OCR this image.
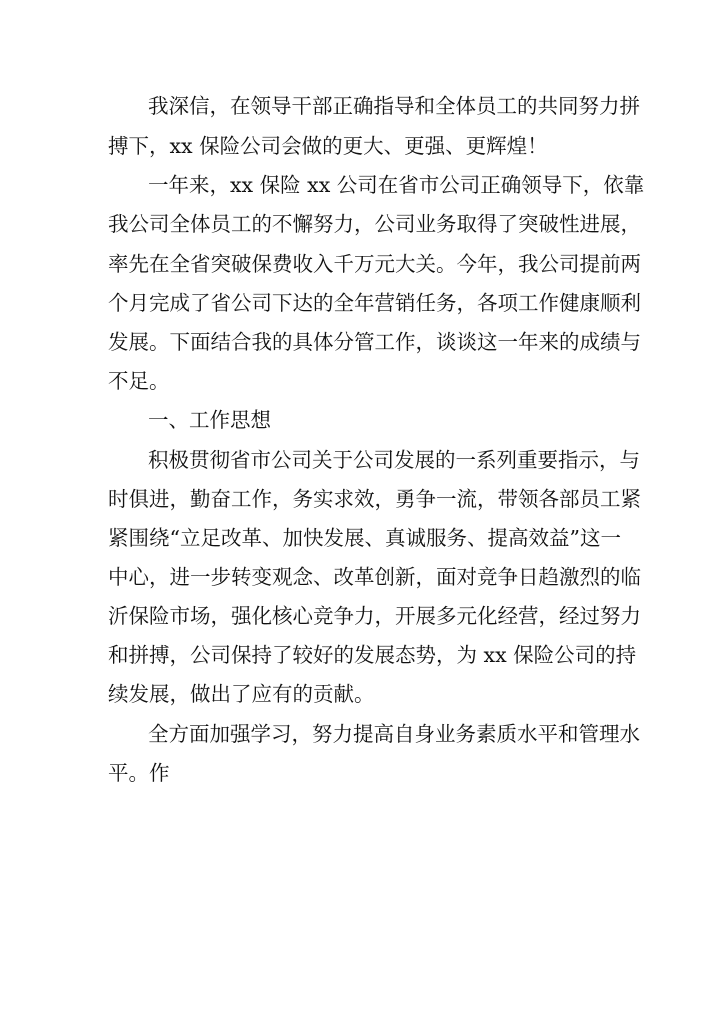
我深信，在领导干部正确指导和全体员工的共同努力拼
搏下，xx 保险公司会做的更大、更强、更辉煌！
一年来，xx 保险 xx 公司在省市公司正确领导下，依靠
我公司全体员工的不懈努力，公司业务取得了突破性进展，
率先在全省突破保费收入千万元大关。今年，我公司提前两
个月完成了省公司下达的全年营销任务，各项工作健康顺利
发展。下面结合我的具体分管工作，谈谈这一年来的成绩与
不足。
一、工作思想
积极贯彻省市公司关于公司发展的一系列重要指示，与
时俱进，勤奋工作，务实求效，勇争一流，带领各部员工紧
紧围绕“立足改革、加快发展、真诚服务、提高效益”这一
中心，进一步转变观念、改革创新，面对竞争日趋激烈的临
沂保险市场，强化核心竞争力，开展多元化经营，经过努力
和拼搏，公司保持了较好的发展态势，为 xx 保险公司的持
续发展，做出了应有的贡献。
全方面加强学习，努力提高自身业务素质水平和管理水
平。作
